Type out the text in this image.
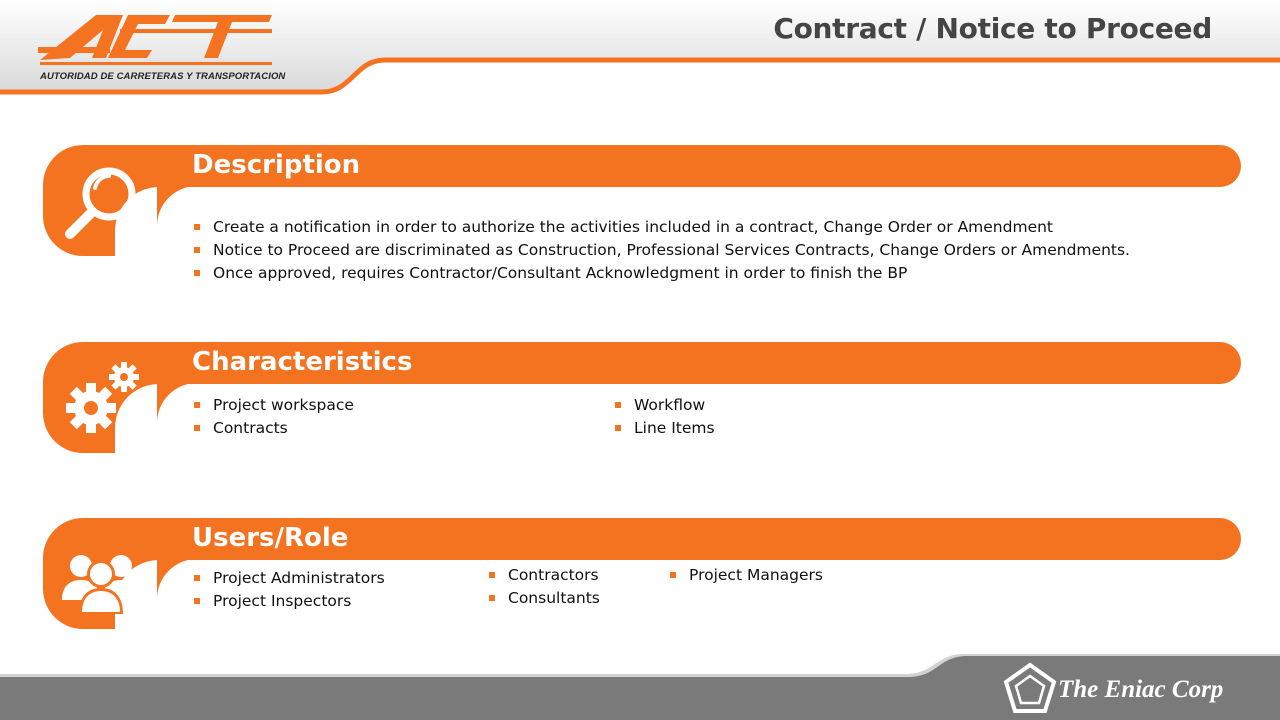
AUTORIDAD DE CARRETERAS Y TRANSPORTACION
Contract / Notice to Proceed
Description
Create a notification in order to authorize the activities included in a contract, Change Order or Amendment
Notice to Proceed are discriminated as Construction, Professional Services Contracts, Change Orders or Amendments.
Once approved, requires Contractor/Consultant Acknowledgment in order to finish the BP
Characteristics
Project workspace
Contracts
Workflow
Line Items
Users/Role
Project Administrators
Project Inspectors
Contractors
Consultants
Project Managers
The Eniac Corp
